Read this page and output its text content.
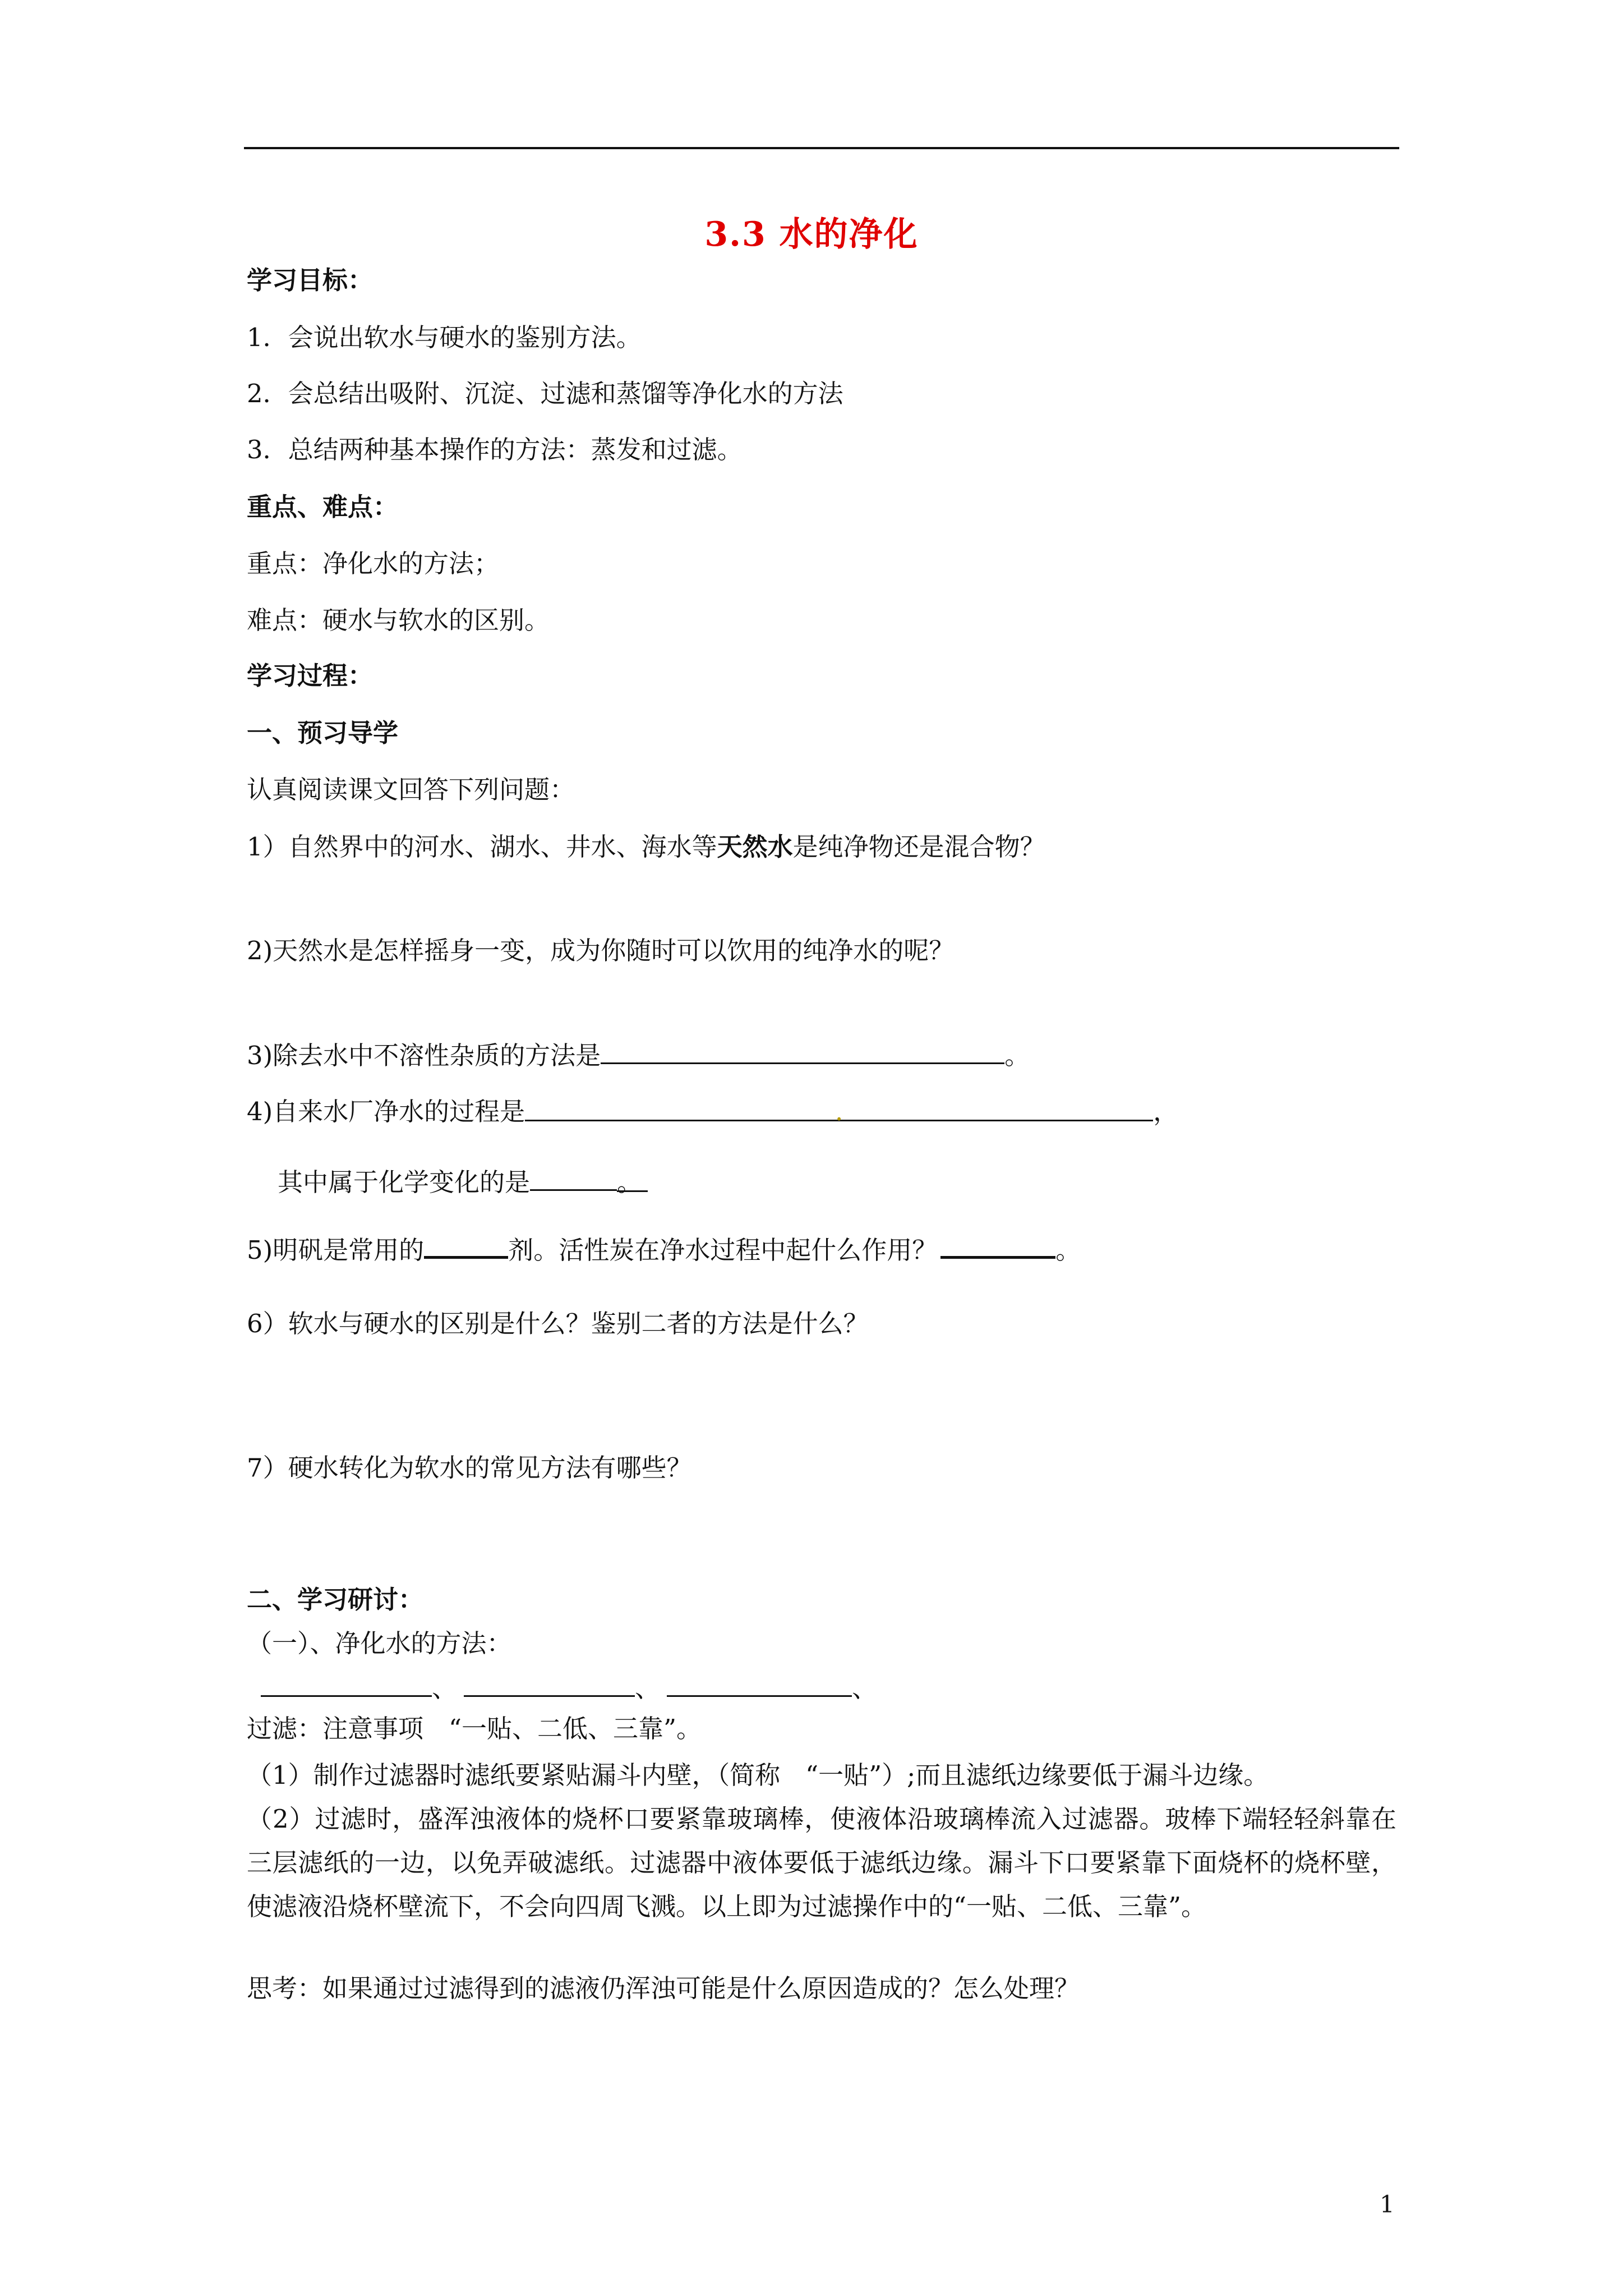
3.3 水的净化
学习目标：
1．会说出软水与硬水的鉴别方法。
2．会总结出吸附、沉淀、过滤和蒸馏等净化水的方法
3．总结两种基本操作的方法：蒸发和过滤。
重点、难点：
重点：净化水的方法；
难点：硬水与软水的区别。
学习过程：
一、预习导学
认真阅读课文回答下列问题：
1）自然界中的河水、湖水、井水、海水等天然水是纯净物还是混合物？
2)天然水是怎样摇身一变，成为你随时可以饮用的纯净水的呢？
3)除去水中不溶性杂质的方法是	。
4)自来水厂净水的过程是	.	，
其中属于化学变化的是	。
5)明矾是常用的	剂。活性炭在净水过程中起什么作用？	。
6）软水与硬水的区别是什么？鉴别二者的方法是什么？
7）硬水转化为软水的常见方法有哪些？
二、学习研讨：
（一）、净化水的方法：
、	、	、
过滤：注意事项　“一贴、二低、三靠”。
（1）制作过滤器时滤纸要紧贴漏斗内壁，（简称　“一贴”）;而且滤纸边缘要低于漏斗边缘。
（2）过滤时，盛浑浊液体的烧杯口要紧靠玻璃棒，使液体沿玻璃棒流入过滤器。玻棒下端轻轻斜靠在三层滤纸的一边，以免弄破滤纸。过滤器中液体要低于滤纸边缘。漏斗下口要紧靠下面烧杯的烧杯壁，使滤液沿烧杯壁流下，不会向四周飞溅。以上即为过滤操作中的“一贴、二低、三靠”。
思考：如果通过过滤得到的滤液仍浑浊可能是什么原因造成的？怎么处理？
1
